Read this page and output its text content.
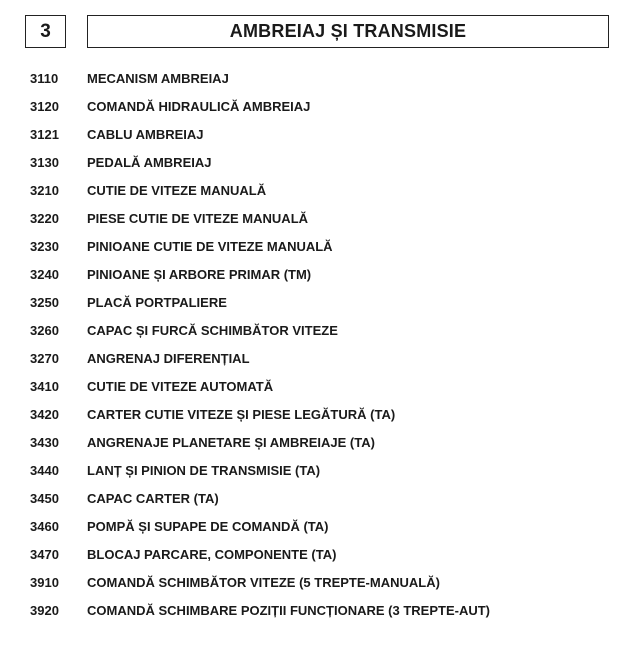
3	AMBREIAJ ȘI TRANSMISIE
3110 MECANISM AMBREIAJ
3120 COMANDĂ HIDRAULICĂ AMBREIAJ
3121 CABLU AMBREIAJ
3130 PEDALĂ AMBREIAJ
3210 CUTIE DE VITEZE MANUALĂ
3220 PIESE CUTIE DE VITEZE MANUALĂ
3230 PINIOANE CUTIE DE VITEZE MANUALĂ
3240 PINIOANE ȘI ARBORE PRIMAR (TM)
3250 PLACĂ PORTPALIERE
3260 CAPAC ȘI FURCĂ SCHIMBĂTOR VITEZE
3270 ANGRENAJ DIFERENȚIAL
3410 CUTIE DE VITEZE AUTOMATĂ
3420 CARTER CUTIE VITEZE ȘI PIESE LEGĂTURĂ (TA)
3430 ANGRENAJE PLANETARE ȘI AMBREIAJE (TA)
3440 LANȚ ȘI PINION DE TRANSMISIE (TA)
3450 CAPAC CARTER (TA)
3460 POMPĂ ȘI SUPAPE DE COMANDĂ (TA)
3470 BLOCAJ PARCARE, COMPONENTE (TA)
3910 COMANDĂ SCHIMBĂTOR VITEZE (5 TREPTE-MANUALĂ)
3920 COMANDĂ SCHIMBARE POZIȚII FUNCȚIONARE (3 TREPTE-AUT)
